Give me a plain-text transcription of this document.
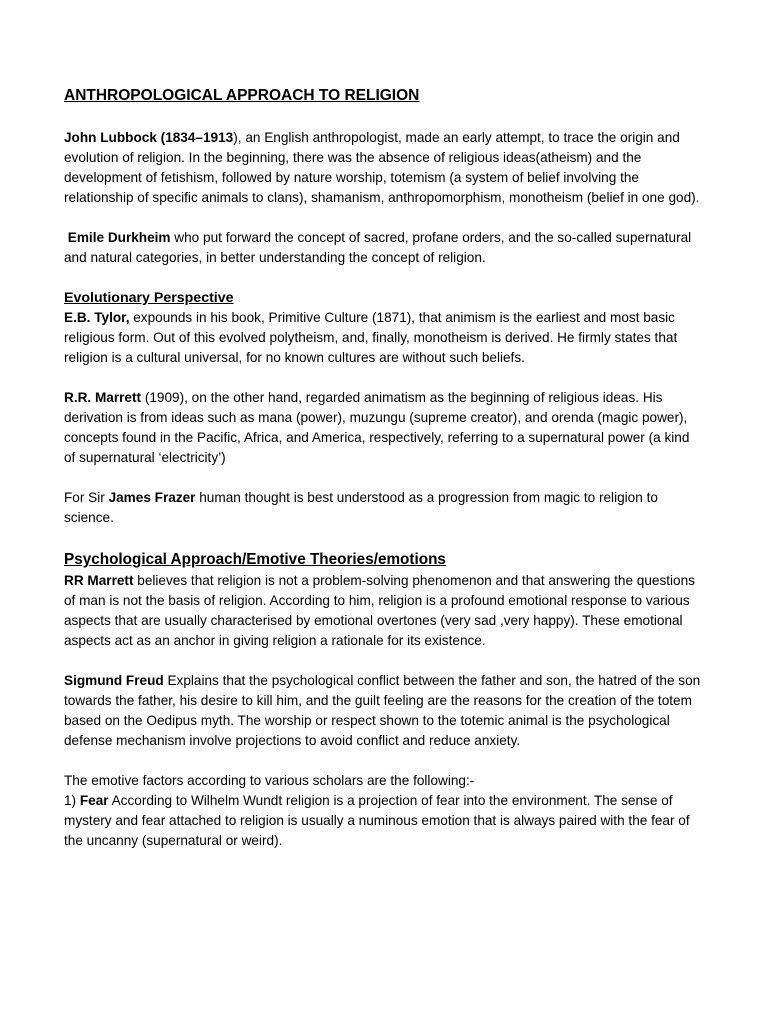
ANTHROPOLOGICAL APPROACH TO RELIGION

John Lubbock (1834–1913), an English anthropologist, made an early attempt, to trace the origin and evolution of religion. In the beginning, there was the absence of religious ideas(atheism) and the development of fetishism, followed by nature worship, totemism (a system of belief involving the relationship of specific animals to clans), shamanism, anthropomorphism, monotheism (belief in one god).

Emile Durkheim who put forward the concept of sacred, profane orders, and the so-called supernatural and natural categories, in better understanding the concept of religion.

Evolutionary Perspective

E.B. Tylor, expounds in his book, Primitive Culture (1871), that animism is the earliest and most basic religious form. Out of this evolved polytheism, and, finally, monotheism is derived. He firmly states that religion is a cultural universal, for no known cultures are without such beliefs.

R.R. Marrett (1909), on the other hand, regarded animatism as the beginning of religious ideas. His derivation is from ideas such as mana (power), muzungu (supreme creator), and orenda (magic power), concepts found in the Pacific, Africa, and America, respectively, referring to a supernatural power (a kind of supernatural ‘electricity’)

For Sir James Frazer human thought is best understood as a progression from magic to religion to science.

Psychological Approach/Emotive Theories/emotions

RR Marrett believes that religion is not a problem-solving phenomenon and that answering the questions of man is not the basis of religion. According to him, religion is a profound emotional response to various aspects that are usually characterised by emotional overtones (very sad ,very happy). These emotional aspects act as an anchor in giving religion a rationale for its existence.

Sigmund Freud Explains that the psychological conflict between the father and son, the hatred of the son towards the father, his desire to kill him, and the guilt feeling are the reasons for the creation of the totem based on the Oedipus myth. The worship or respect shown to the totemic animal is the psychological defense mechanism involve projections to avoid conflict and reduce anxiety.

The emotive factors according to various scholars are the following:-

1) Fear According to Wilhelm Wundt religion is a projection of fear into the environment. The sense of mystery and fear attached to religion is usually a numinous emotion that is always paired with the fear of the uncanny (supernatural or weird).
